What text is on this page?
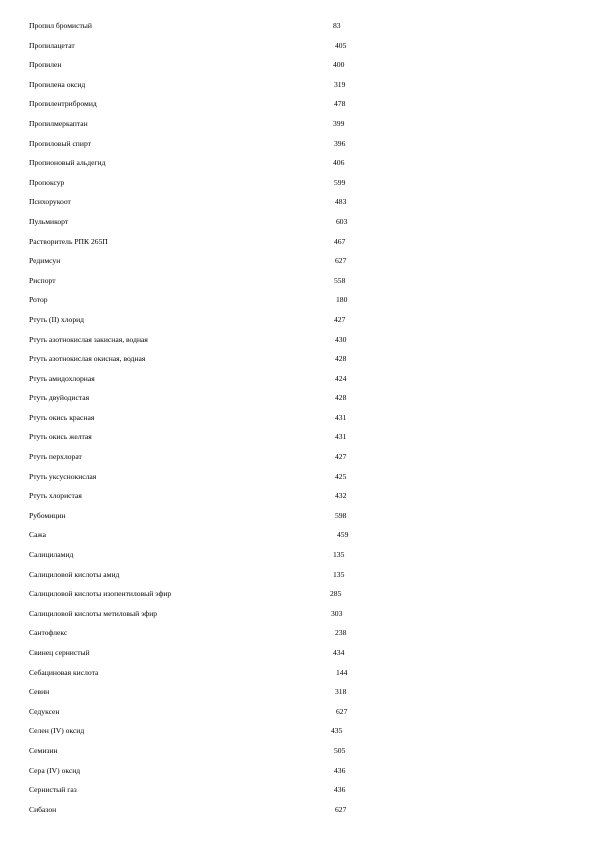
Пропил бромистый	83
Пропилацетат	405
Пропилен	400
Пропилена оксид	319
Пропилентрибромид	478
Пропилмеркаптан	399
Пропиловый спирт	396
Пропионовый альдегид	406
Пропоксур	599
Психорукоот	483
Пульмикорт	603
Растворитель РПК 265П	467
Редимсун	627
Риспорт	558
Ротор	180
Ртуть (II) хлорид	427
Ртуть азотнокислая закисная, водная	430
Ртуть азотнокислая окисная, водная	428
Ртуть амидохлорная	424
Ртуть двуйодистая	428
Ртуть окись красная	431
Ртуть окись желтая	431
Ртуть перхлорат	427
Ртуть уксуснокислая	425
Ртуть хлористая	432
Рубомицин	598
Сажа	459
Салициламид	135
Салициловой кислоты амид	135
Салициловой кислоты изопентиловый эфир	285
Салициловой кислоты метиловый эфир	303
Сантофлекс	238
Свинец сернистый	434
Себациновая кислота	144
Севин	318
Седуксен	627
Селен (IV) оксид	435
Семизин	505
Сера (IV) оксид	436
Сернистый газ	436
Сибазон	627
